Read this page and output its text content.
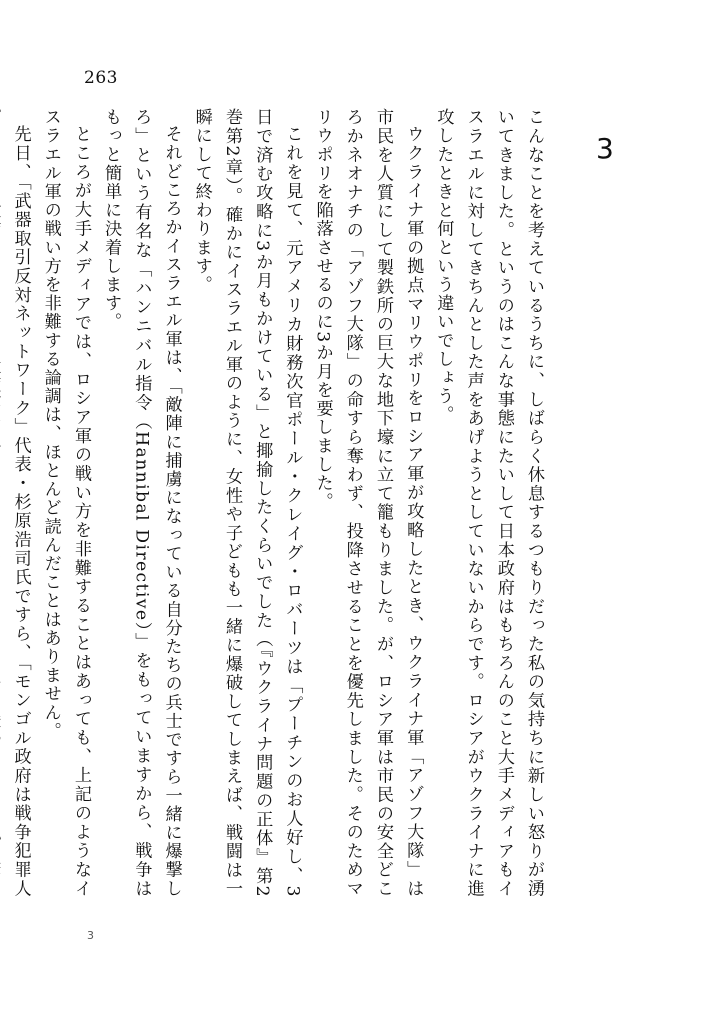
263
3

こんなことを考えているうちに、しばらく休息するつもりだった私の気持ちに新しい怒りが湧いてきました。というのはこんな事態にたいして日本政府はもちろんのこと大手メディアもイスラエルに対してきちんとした声をあげようとしていないからです。ロシアがウクライナに進攻したときと何という違いでしょう。

ウクライナ軍の拠点マリウポリをロシア軍が攻略したとき、ウクライナ軍「アゾフ大隊」は市民を人質にして製鉄所の巨大な地下壕に立て籠もりました。が、ロシア軍は市民の安全どころかネオナチの「アゾフ大隊」の命すら奪わず、投降させることを優先しました。そのためマリウポリを陥落させるのに3か月を要しました。

これを見て、元アメリカ財務次官ポール・クレイグ・ロバーツは「プーチンのお人好し、3日で済む攻略に3か月もかけている」と揶揄したくらいでした（『ウクライナ問題の正体』第2巻第2章）。確かにイスラエル軍のように、女性や子どもも一緒に爆破してしまえば、戦闘は一瞬にして終わります。

それどころかイスラエル軍は、「敵陣に捕虜になっている自分たちの兵士ですら一緒に爆撃しろ」という有名な「ハンニバル指令（Hannibal Directive）」をもっていますから、戦争はもっと簡単に決着します。

ところが大手メディアでは、ロシア軍の戦い方を非難することはあっても、上記のようなイスラエル軍の戦い方を非難する論調は、ほとんど読んだことはありません。

先日、「武器取引反対ネットワーク」代表・杉原浩司氏ですら、「モンゴル政府は戦争犯罪人　

3
